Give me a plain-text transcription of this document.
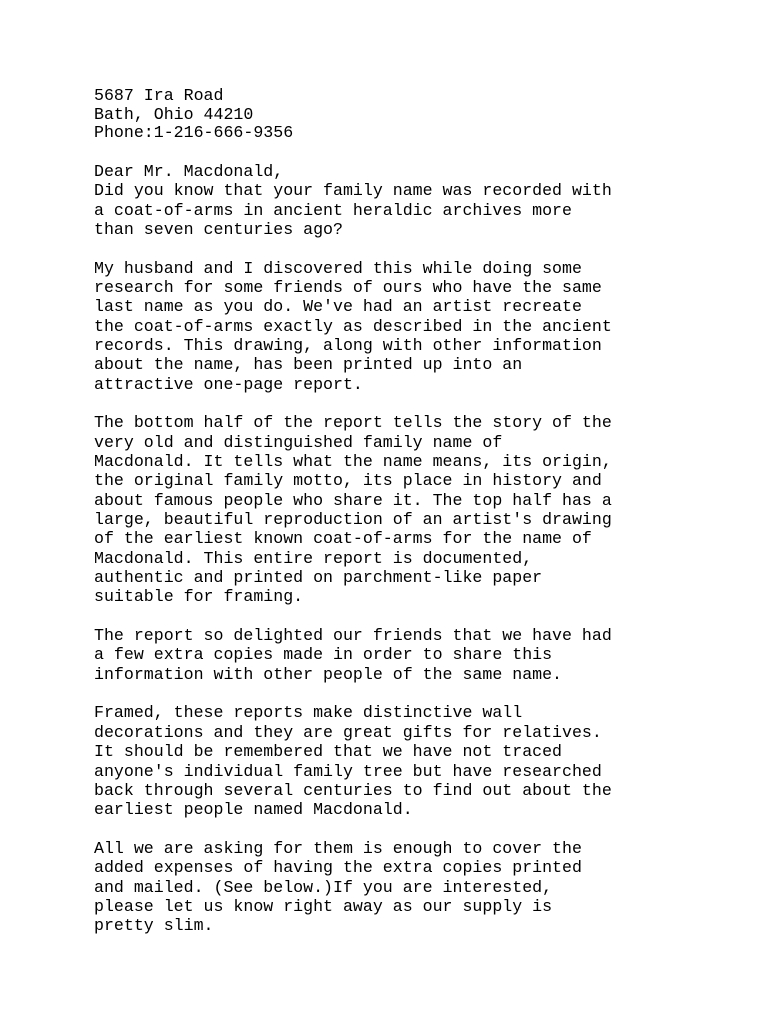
5687 Ira Road

Bath, Ohio 44210

Phone:1-216-666-9356

Dear Mr. Macdonald,

Did you know that your family name was recorded with

a coat-of-arms in ancient heraldic archives more

than seven centuries ago?

My husband and I discovered this while doing some

research for some friends of ours who have the same

last name as you do. We've had an artist recreate

the coat-of-arms exactly as described in the ancient

records. This drawing, along with other information

about the name, has been printed up into an

attractive one-page report.

The bottom half of the report tells the story of the

very old and distinguished family name of

Macdonald. It tells what the name means, its origin,

the original family motto, its place in history and

about famous people who share it. The top half has a

large, beautiful reproduction of an artist's drawing

of the earliest known coat-of-arms for the name of

Macdonald. This entire report is documented,

authentic and printed on parchment-like paper

suitable for framing.

The report so delighted our friends that we have had

a few extra copies made in order to share this

information with other people of the same name.

Framed, these reports make distinctive wall

decorations and they are great gifts for relatives.

It should be remembered that we have not traced

anyone's individual family tree but have researched

back through several centuries to find out about the

earliest people named Macdonald.

All we are asking for them is enough to cover the

added expenses of having the extra copies printed

and mailed. (See below.)If you are interested,

please let us know right away as our supply is

pretty slim.
